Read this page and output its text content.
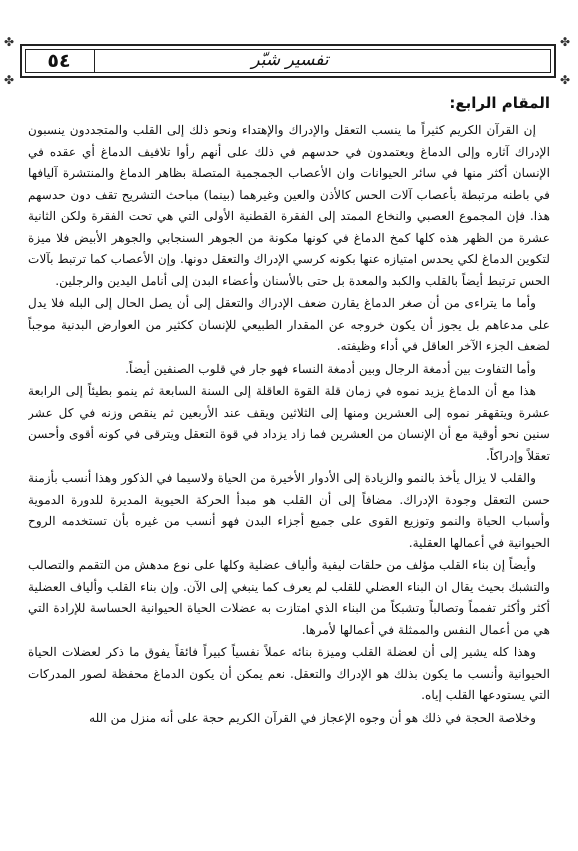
٥٤	تفسير شبّر
✤	✤
✤	✤
المقام الرابع:

إن القرآن الكريم كثيراً ما ينسب التعقل والإدراك والإهتداء ونحو ذلك إلى القلب والمتجددون ينسبون الإدراك آثاره وإلى الدماغ ويعتمدون في حدسهم في ذلك على أنهم رأوا تلافيف الدماغ أي عقده في الإنسان أكثر منها في سائر الحيوانات وان الأعصاب الجمجمية المتصلة بظاهر الدماغ والمنتشرة آليافها في باطنه مرتبطة بأعصاب آلات الحس كالأذن والعين وغيرهما (بينما) مباحث التشريح تقف دون حدسهم هذا. فإن المجموع العصبي والنخاع الممتد إلى الفقرة القطنية الأولى التي هي تحت الفقرة ولكن الثانية عشرة من الظهر هذه كلها كمخ الدماغ في كونها مكونة من الجوهر السنجابي والجوهر الأبيض فلا ميزة لتكوين الدماغ لكي يحدس امتيازه عنها بكونه كرسي الإدراك والتعقل دونها. وإن الأعصاب كما ترتبط بآلات الحس ترتبط أيضاً بالقلب والكبد والمعدة بل حتى بالأسنان وأعضاء البدن إلى أنامل اليدين والرجلين.

وأما ما يتراءى من أن صغر الدماغ يقارن ضعف الإدراك والتعقل إلى أن يصل الحال إلى البله فلا يدل على مدعاهم بل يجوز أن يكون خروجه عن المقدار الطبيعي للإنسان ككثير من العوارض البدنية موجباً لضعف الجزء الآخر العاقل في أداء وظيفته.

وأما التفاوت بين أدمغة الرجال وبين أدمغة النساء فهو جار في قلوب الصنفين أيضاً.

هذا مع أن الدماغ يزيد نموه في زمان قلة القوة العاقلة إلى السنة السابعة ثم ينمو بطيئاً إلى الرابعة عشرة ويتقهقر نموه إلى العشرين ومنها إلى الثلاثين ويقف عند الأربعين ثم ينقص وزنه في كل عشر سنين نحو أوقية مع أن الإنسان من العشرين فما زاد يزداد في قوة التعقل ويترقى في كونه أقوى وأحسن تعقلاً وإدراكاً.

والقلب لا يزال يأخذ بالنمو والزيادة إلى الأدوار الأخيرة من الحياة ولاسيما في الذكور وهذا أنسب بأزمنة حسن التعقل وجودة الإدراك. مضافاً إلى أن القلب هو مبدأ الحركة الحيوية المديرة للدورة الدموية وأسباب الحياة والنمو وتوزيع القوى على جميع أجزاء البدن فهو أنسب من غيره بأن تستخدمه الروح الحيوانية في أعمالها العقلية.

وأيضاً إن بناء القلب مؤلف من حلقات ليفية وألياف عضلية وكلها على نوع مدهش من التقمم والتصالب والتشبك بحيث يقال ان البناء العضلي للقلب لم يعرف كما ينبغي إلى الآن. وإن بناء القلب وألياف العضلية أكثر وأكثر تفمماً وتصالباً وتشبكاً من البناء الذي امتازت به عضلات الحياة الحيوانية الحساسة للإرادة التي هي من أعمال النفس والممثلة في أعمالها لأمرها.

وهذا كله يشير إلى أن لعضلة القلب وميزة بنائه عملاً نفسياً كبيراً فائقاً يفوق ما ذكر لعضلات الحياة الحيوانية وأنسب ما يكون بذلك هو الإدراك والتعقل. نعم يمكن أن يكون الدماغ محفظة لصور المدركات التي يستودعها القلب إياه.

وخلاصة الحجة في ذلك هو أن وجوه الإعجاز في القرآن الكريم حجة على أنه منزل من الله
